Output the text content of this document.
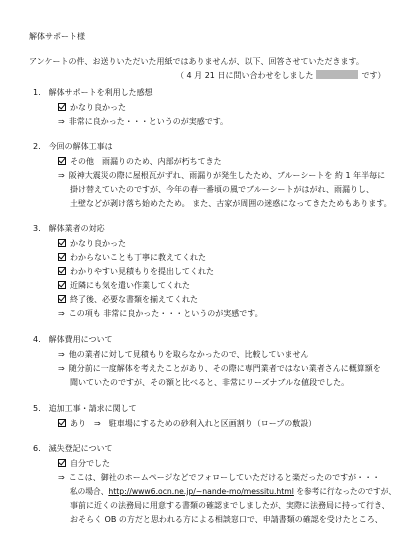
解体サポート様
アンケートの件、お送りいただいた用紙ではありませんが、以下、回答させていただきます。
（ 4 月 21 日に問い合わせをしました	です）
1.　解体サポートを利用した感想
かなり良かった
⇒ 非常に良かった・・・というのが実感です。
2.　今回の解体工事は
その他　雨漏りのため、内部が朽ちてきた
⇒ 阪神大震災の際に屋根瓦がずれ、雨漏りが発生したため、ブルーシートを 約 1 年半毎に
掛け替えていたのですが、今年の春一番頃の風でブルーシートがはがれ、雨漏りし、
土壁などが剥け落ち始めたため。 また、古家が周囲の迷惑になってきたためもあります。
3.　解体業者の対応
かなり良かった
わからないことも丁寧に教えてくれた
わかりやすい見積もりを提出してくれた
近隣にも気を遣い作業してくれた
終了後、必要な書類を揃えてくれた
⇒ この項も 非常に良かった・・・というのが実感です。
4.　解体費用について
⇒ 他の業者に対して見積もりを取らなかったので、比較していません
⇒ 随分前に一度解体を考えたことがあり、その際に専門業者ではない業者さんに概算額を
聞いていたのですが、その額と比べると、非常にリーズナブルな値段でした。
5.　追加工事・請求に関して
あり　⇒　駐車場にするための砂利入れと区画割り（ロープの敷設）
6.　滅失登記について
自分でした
⇒ ここは、御社のホームページなどでフォローしていただけると楽だったのですが・・・
私の場合、http://www6.ocn.ne.jp/~nande-mo/messitu.html を参考に行なったのですが、
事前に近くの法務局に用意する書類の確認までしましたが、実際に法務局に持って行き、
おそらく OB の方だと思われる方による相談窓口で、申請書類の確認を受けたところ、
